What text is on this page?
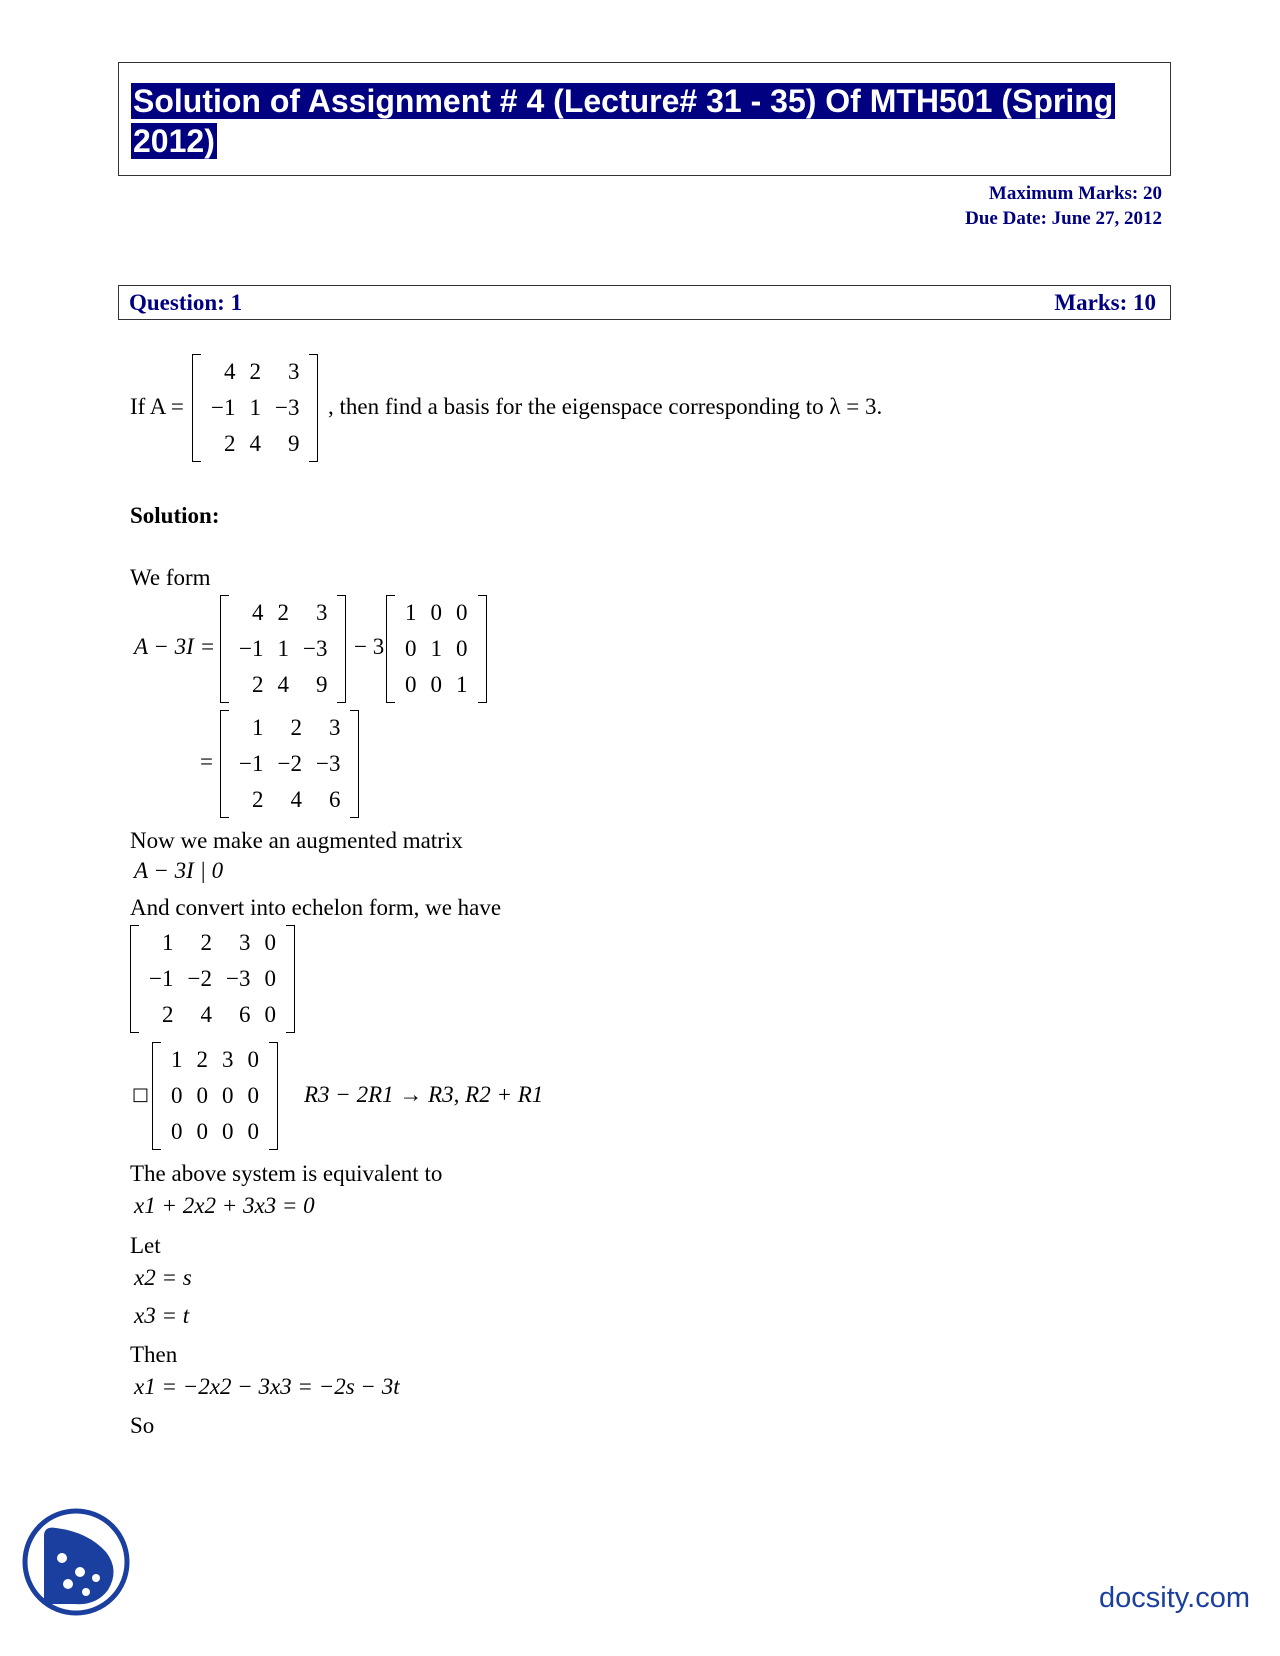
Solution of Assignment # 4 (Lecture# 31 - 35) Of MTH501 (Spring
2012)
Maximum Marks: 20
Due Date: June 27, 2012
Question: 1	Marks: 10
If A =
4	2	3
−1	1	−3
2	4	9
, then find a basis for the eigenspace corresponding to λ = 3.
Solution:
We form
A − 3I =
4	2	3
−1	1	−3
2	4	9
− 3
1	0	0
0	1	0
0	0	1
=
1	2	3
−1	−2	−3
2	4	6
Now we make an augmented matrix
A − 3I | 0
And convert into echelon form, we have
1	2	3	0
−1	−2	−3	0
2	4	6	0
□
1	2	3	0
0	0	0	0
0	0	0	0
R3 − 2R1 → R3, R2 + R1
The above system is equivalent to
x1 + 2x2 + 3x3 = 0
Let
x2 = s
x3 = t
Then
x1 = −2x2 − 3x3 = −2s − 3t
So
docsity.com
